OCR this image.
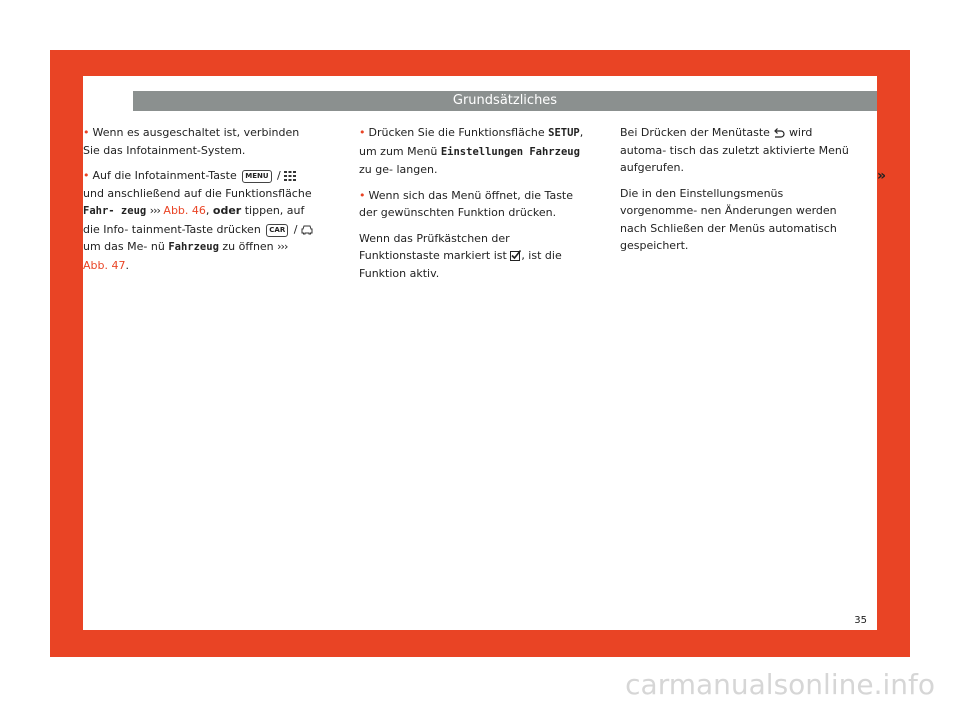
Grundsätzliches

• Wenn es ausgeschaltet ist, verbinden Sie das Infotainment-System.

• Auf die Infotainment-Taste MENU /  und anschließend auf die Funktionsfläche Fahr- zeug ››› Abb. 46, oder tippen, auf die Info- tainment-Taste drücken CAR /  um das Me- nü Fahrzeug zu öffnen ››› Abb. 47.

• Drücken Sie die Funktionsfläche SETUP, um zum Menü Einstellungen Fahrzeug zu ge- langen.

• Wenn sich das Menü öffnet, die Taste der gewünschten Funktion drücken.

Wenn das Prüfkästchen der Funktionstaste markiert ist , ist die Funktion aktiv.

Bei Drücken der Menütaste wird automa- tisch das zuletzt aktivierte Menü aufgerufen.

Die in den Einstellungsmenüs vorgenomme- nen Änderungen werden nach Schließen der Menüs automatisch gespeichert.

35
»
carmanualsonline.info
